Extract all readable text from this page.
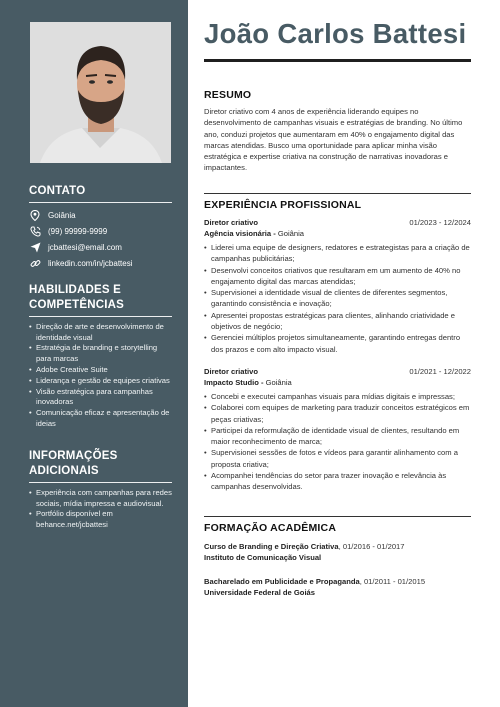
CONTATO
Goiânia
(99) 99999-9999
jcbattesi@email.com
linkedin.com/in/jcbattesi
HABILIDADES E
COMPETÊNCIAS
• Direção de arte e desenvolvimento de identidade visual
• Estratégia de branding e storytelling para marcas
• Adobe Creative Suite
• Liderança e gestão de equipes criativas
• Visão estratégica para campanhas inovadoras
• Comunicação eficaz e apresentação de ideias
INFORMAÇÕES ADICIONAIS
• Experiência com campanhas para redes sociais, mídia impressa e audiovisual.
• Portfólio disponível em behance.net/jcbattesi
João Carlos Battesi
RESUMO

Diretor criativo com 4 anos de experiência liderando equipes no desenvolvimento de campanhas visuais e estratégias de branding. No último ano, conduzi projetos que aumentaram em 40% o engajamento digital das marcas atendidas. Busco uma oportunidade para aplicar minha visão estratégica e expertise criativa na construção de narrativas inovadoras e impactantes.

EXPERIÊNCIA PROFISSIONAL
Diretor criativo	01/2023 - 12/2024
Agência visionária - Goiânia
• Liderei uma equipe de designers, redatores e estrategistas para a criação de campanhas publicitárias;
• Desenvolvi conceitos criativos que resultaram em um aumento de 40% no engajamento digital das marcas atendidas;
• Supervisionei a identidade visual de clientes de diferentes segmentos, garantindo consistência e inovação;
• Apresentei propostas estratégicas para clientes, alinhando criatividade e objetivos de negócio;
• Gerenciei múltiplos projetos simultaneamente, garantindo entregas dentro dos prazos e com alto impacto visual.
Diretor criativo	01/2021 - 12/2022
Impacto Studio - Goiânia
• Concebi e executei campanhas visuais para mídias digitais e impressas;
• Colaborei com equipes de marketing para traduzir conceitos estratégicos em peças criativas;
• Participei da reformulação de identidade visual de clientes, resultando em maior reconhecimento de marca;
• Supervisionei sessões de fotos e vídeos para garantir alinhamento com a proposta criativa;
• Acompanhei tendências do setor para trazer inovação e relevância às campanhas desenvolvidas.
FORMAÇÃO ACADÊMICA
Curso de Branding e Direção Criativa, 01/2016 - 01/2017
Instituto de Comunicação Visual
Bacharelado em Publicidade e Propaganda, 01/2011 - 01/2015
Universidade Federal de Goiás
